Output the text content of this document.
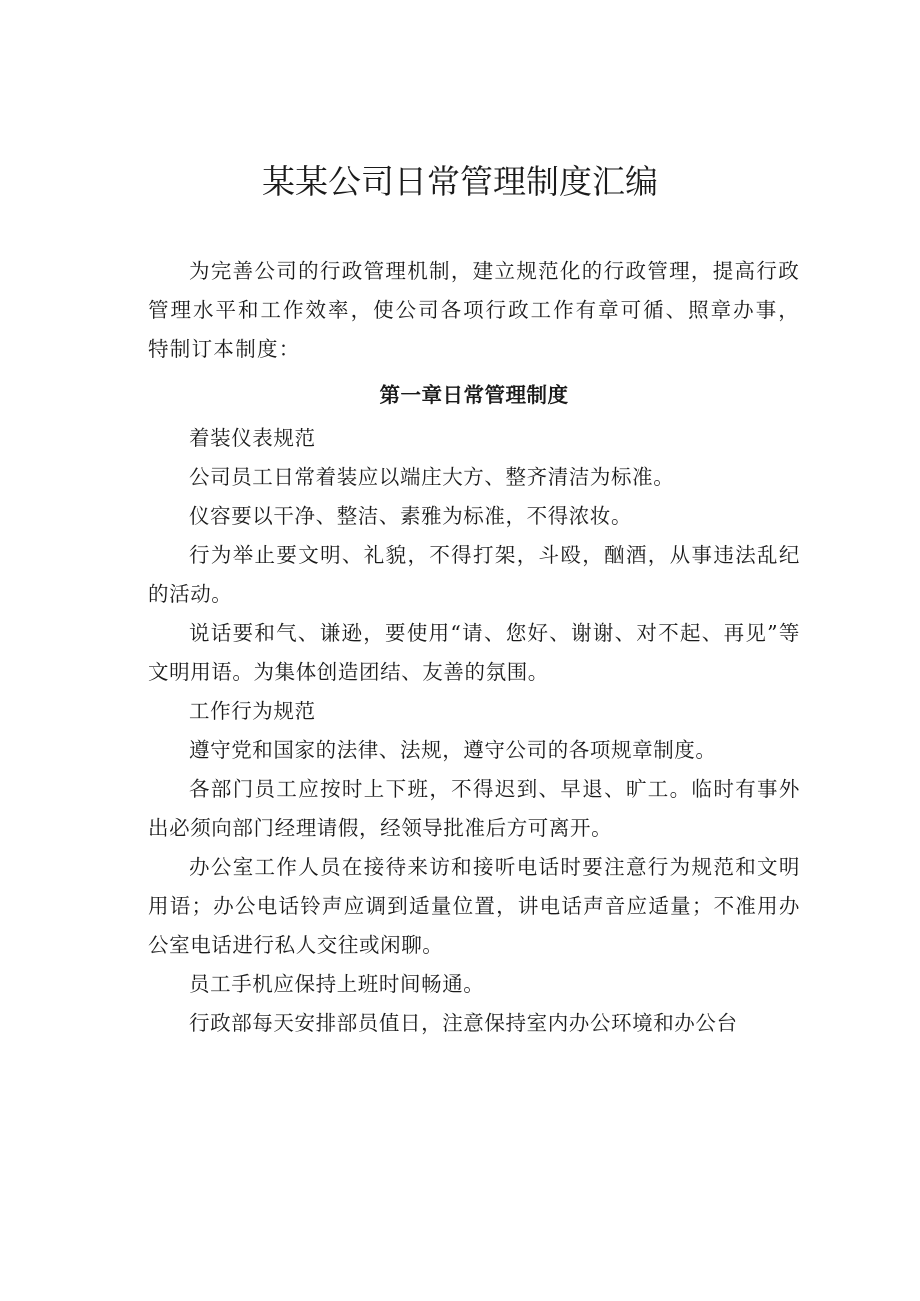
某某公司日常管理制度汇编

为完善公司的行政管理机制，建立规范化的行政管理，提高行政管理水平和工作效率，使公司各项行政工作有章可循、照章办事，特制订本制度：

第一章日常管理制度

着装仪表规范

公司员工日常着装应以端庄大方、整齐清洁为标准。

仪容要以干净、整洁、素雅为标准，不得浓妆。

行为举止要文明、礼貌，不得打架，斗殴，酗酒，从事违法乱纪的活动。

说话要和气、谦逊，要使用“请、您好、谢谢、对不起、再见”等文明用语。为集体创造团结、友善的氛围。

工作行为规范

遵守党和国家的法律、法规，遵守公司的各项规章制度。

各部门员工应按时上下班，不得迟到、早退、旷工。临时有事外出必须向部门经理请假，经领导批准后方可离开。

办公室工作人员在接待来访和接听电话时要注意行为规范和文明用语；办公电话铃声应调到适量位置，讲电话声音应适量；不准用办公室电话进行私人交往或闲聊。

员工手机应保持上班时间畅通。

行政部每天安排部员值日，注意保持室内办公环境和办公台
